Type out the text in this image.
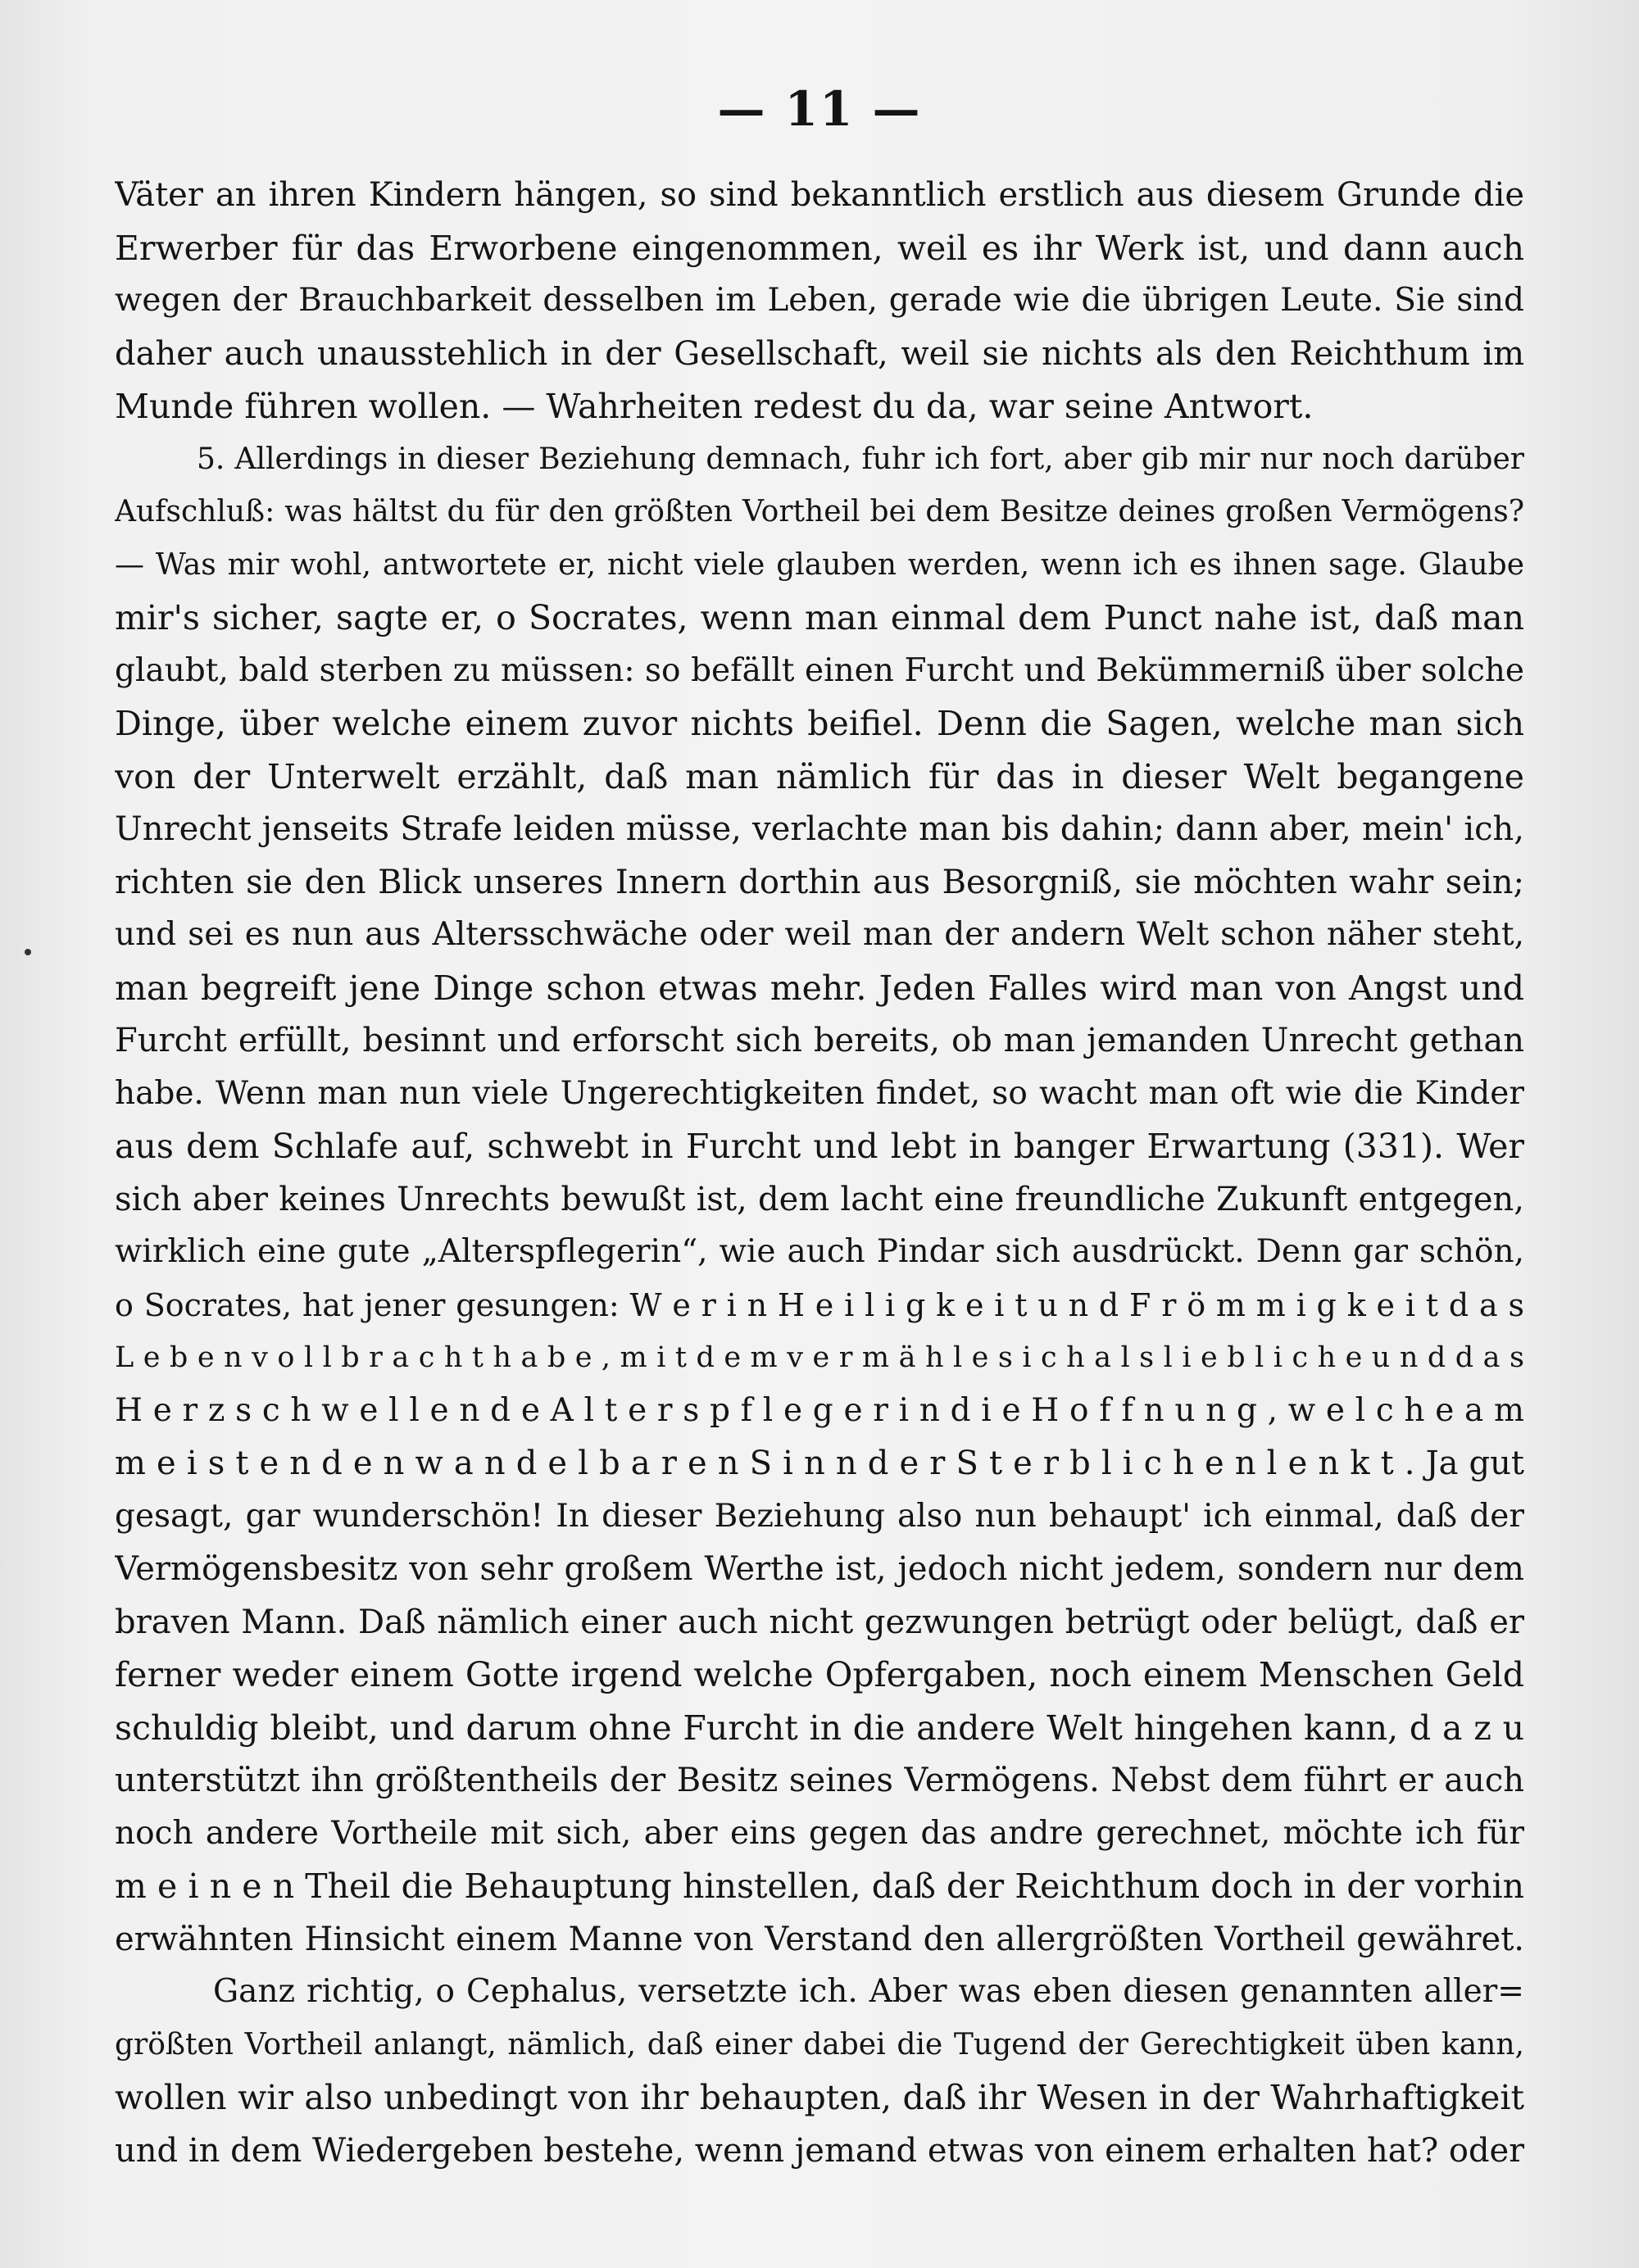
— 11 —
Väter an ihren Kindern hängen, so sind bekanntlich erstlich aus diesem Grunde die
Erwerber für das Erworbene eingenommen, weil es ihr Werk ist, und dann auch
wegen der Brauchbarkeit desselben im Leben, gerade wie die übrigen Leute. Sie sind
daher auch unausstehlich in der Gesellschaft, weil sie nichts als den Reichthum im
Munde führen wollen. — Wahrheiten redest du da, war seine Antwort.
5. Allerdings in dieser Beziehung demnach, fuhr ich fort, aber gib mir nur noch darüber
Aufschluß: was hältst du für den größten Vortheil bei dem Besitze deines großen Vermögens?
— Was mir wohl, antwortete er, nicht viele glauben werden, wenn ich es ihnen sage. Glaube
mir's sicher, sagte er, o Socrates, wenn man einmal dem Punct nahe ist, daß man
glaubt, bald sterben zu müssen: so befällt einen Furcht und Bekümmerniß über solche
Dinge, über welche einem zuvor nichts beifiel. Denn die Sagen, welche man sich
von der Unterwelt erzählt, daß man nämlich für das in dieser Welt begangene
Unrecht jenseits Strafe leiden müsse, verlachte man bis dahin; dann aber, mein' ich,
richten sie den Blick unseres Innern dorthin aus Besorgniß, sie möchten wahr sein;
und sei es nun aus Altersschwäche oder weil man der andern Welt schon näher steht,
man begreift jene Dinge schon etwas mehr. Jeden Falles wird man von Angst und
Furcht erfüllt, besinnt und erforscht sich bereits, ob man jemanden Unrecht gethan
habe. Wenn man nun viele Ungerechtigkeiten findet, so wacht man oft wie die Kinder
aus dem Schlafe auf, schwebt in Furcht und lebt in banger Erwartung (331). Wer
sich aber keines Unrechts bewußt ist, dem lacht eine freundliche Zukunft entgegen,
wirklich eine gute „Alterspflegerin“, wie auch Pindar sich ausdrückt. Denn gar schön,
o Socrates, hat jener gesungen: W e r i n H e i l i g k e i t u n d F r ö m m i g k e i t d a s
L e b e n v o l l b r a c h t h a b e , m i t d e m v e r m ä h l e s i c h a l s l i e b l i c h e u n d d a s
H e r z s c h w e l l e n d e A l t e r s p f l e g e r i n d i e H o f f n u n g , w e l c h e a m
m e i s t e n d e n w a n d e l b a r e n S i n n d e r S t e r b l i c h e n l e n k t . Ja gut
gesagt, gar wunderschön! In dieser Beziehung also nun behaupt' ich einmal, daß der
Vermögensbesitz von sehr großem Werthe ist, jedoch nicht jedem, sondern nur dem
braven Mann. Daß nämlich einer auch nicht gezwungen betrügt oder belügt, daß er
ferner weder einem Gotte irgend welche Opfergaben, noch einem Menschen Geld
schuldig bleibt, und darum ohne Furcht in die andere Welt hingehen kann, d a z u
unterstützt ihn größtentheils der Besitz seines Vermögens. Nebst dem führt er auch
noch andere Vortheile mit sich, aber eins gegen das andre gerechnet, möchte ich für
m e i n e n Theil die Behauptung hinstellen, daß der Reichthum doch in der vorhin
erwähnten Hinsicht einem Manne von Verstand den allergrößten Vortheil gewähret.
Ganz richtig, o Cephalus, versetzte ich. Aber was eben diesen genannten aller=
größten Vortheil anlangt, nämlich, daß einer dabei die Tugend der Gerechtigkeit üben kann,
wollen wir also unbedingt von ihr behaupten, daß ihr Wesen in der Wahrhaftigkeit
und in dem Wiedergeben bestehe, wenn jemand etwas von einem erhalten hat? oder
